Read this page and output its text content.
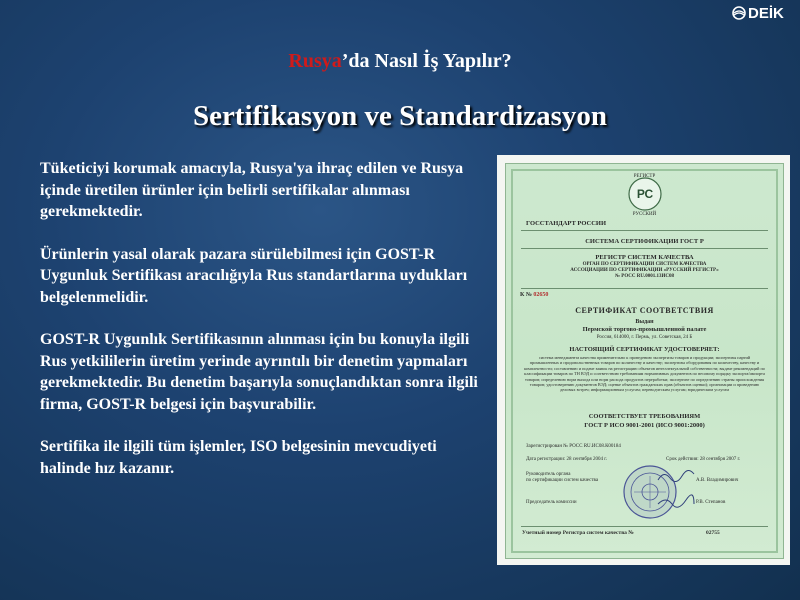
DEİK
Rusya’da Nasıl İş Yapılır?
Sertifikasyon ve Standardizasyon

Tüketiciyi korumak amacıyla, Rusya'ya ihraç edilen ve Rusya içinde üretilen ürünler için belirli sertifikalar alınması gerekmektedir.

Ürünlerin yasal olarak pazara sürülebilmesi için GOST-R Uygunluk Sertifikası aracılığıyla Rus standartlarına uydukları belgelenmelidir.

GOST-R Uygunlık Sertifikasının alınması için bu konuyla ilgili Rus yetkililerin üretim yerinde ayrıntılı bir denetim yapmaları gerekmektedir. Bu denetim başarıyla sonuçlandıktan sonra ilgili firma, GOST-R belgesi için başvurabilir.

Sertifika ile ilgili tüm işlemler, ISO belgesinin mevcudiyeti halinde hız kazanır.

РС
РЕГИСТР
РУССКИЙ
ГОССТАНДАРТ РОССИИ
СИСТЕМА СЕРТИФИКАЦИИ ГОСТ Р
РЕГИСТР СИСТЕМ КАЧЕСТВА
ОРГАН ПО СЕРТИФИКАЦИИ СИСТЕМ КАЧЕСТВА
АССОЦИАЦИИ ПО СЕРТИФИКАЦИИ «РУССКИЙ РЕГИСТР»
№ РОСС RU.0001.13ИС08
К № 02650
СЕРТИФИКАТ СООТВЕТСТВИЯ
Выдан
Пермской торгово-промышленной палате
Россия, 614000, г. Пермь, ул. Советская, 24 Б
НАСТОЯЩИЙ СЕРТИФИКАТ УДОСТОВЕРЯЕТ:
система менеджмента качества применительно к проведению экспертизы товаров и продукции; экспертизы партий промышленных и продовольственных товаров по количеству и качеству; экспертизы оборудования по количеству, качеству и комплектности; составлению и подаче заявок на регистрацию объектов интеллектуальной собственности; выдаче рекомендаций по классификации товаров по ТН ВЭД и соответствию требованиям нормативных документов по весовому порядку экспорта/импорта товаров; определению норм выхода или норм расхода продуктов переработки; экспертизе по определению страны происхождения товаров; удостоверению документов ВЭД; оценке объектов гражданских прав (объектов оценки); организации и проведению деловых встреч; информационным услугам; переводческим услугам; юридическим услугам
СООТВЕТСТВУЕТ ТРЕБОВАНИЯМ
ГОСТ Р ИСО 9001-2001 (ИСО 9001:2000)
Зарегистрирован № РОСС RU.ИС08.К00184
Дата регистрации: 28 сентября 2004 г.	Срок действия: 28 сентября 2007 г.
Руководитель органа
по сертификации систем качества	А.В. Владимирович
Председатель комиссии	Р.В. Степанов
Учетный номер Регистра систем качества №	02755
